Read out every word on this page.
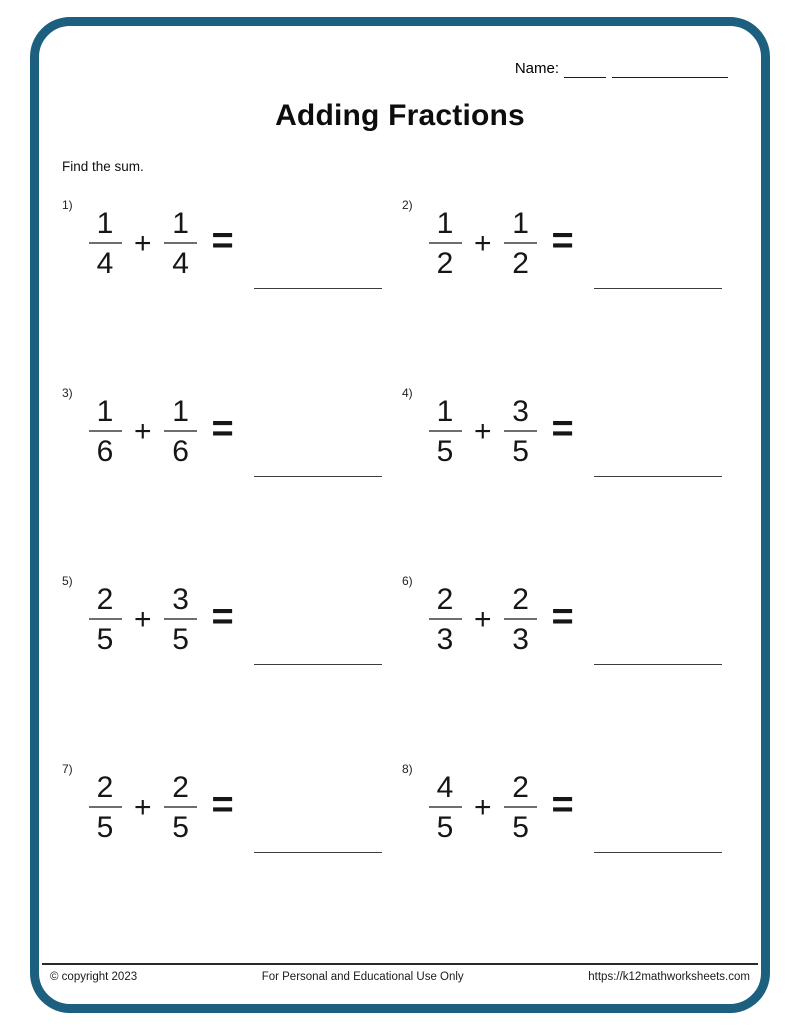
Name:
Adding Fractions
Find the sum.
1)
$\frac{1}{4} + \frac{1}{4}$ =
2)
$\frac{1}{2} + \frac{1}{2}$ =
3)
$\frac{1}{6} + \frac{1}{6}$ =
4)
$\frac{1}{5} + \frac{3}{5}$ =
5)
$\frac{2}{5} + \frac{3}{5}$ =
6)
$\frac{2}{3} + \frac{2}{3}$ =
7)
$\frac{2}{5} + \frac{2}{5}$ =
8)
$\frac{4}{5} + \frac{2}{5}$ =
© copyright 2023	For Personal and Educational Use Only	https://k12mathworksheets.com
